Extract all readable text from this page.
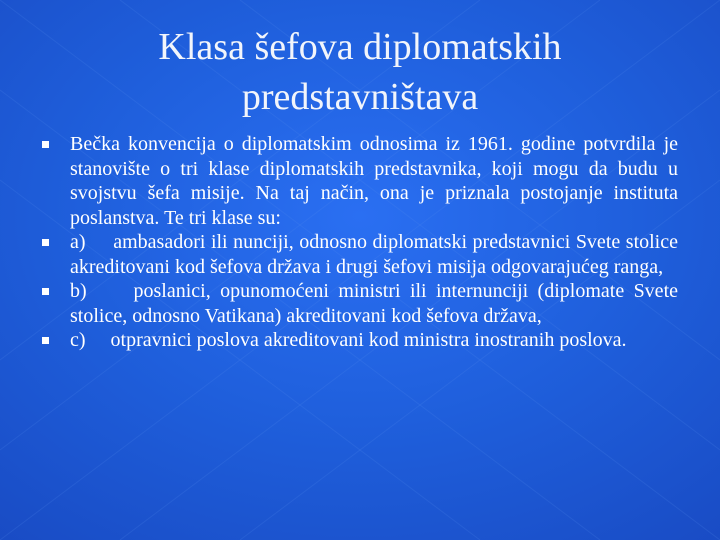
Klasa šefova diplomatskih
predstavništava
Bečka konvencija o diplomatskim odnosima iz 1961. godine potvrdila je stanovište o tri klase diplomatskih predstavnika, koji mogu da budu u svojstvu šefa misije. Na taj način, ona je priznala postojanje instituta poslanstva. Te tri klase su:
a)     ambasadori ili nunciji, odnosno diplomatski predstavnici Svete stolice akreditovani kod šefova država i drugi šefovi misija odgovarajućeg ranga,
b)     poslanici, opunomoćeni ministri ili internunciji (diplomate Svete stolice, odnosno Vatikana) akreditovani kod šefova država,
c)     otpravnici poslova akreditovani kod ministra inostranih poslova.
